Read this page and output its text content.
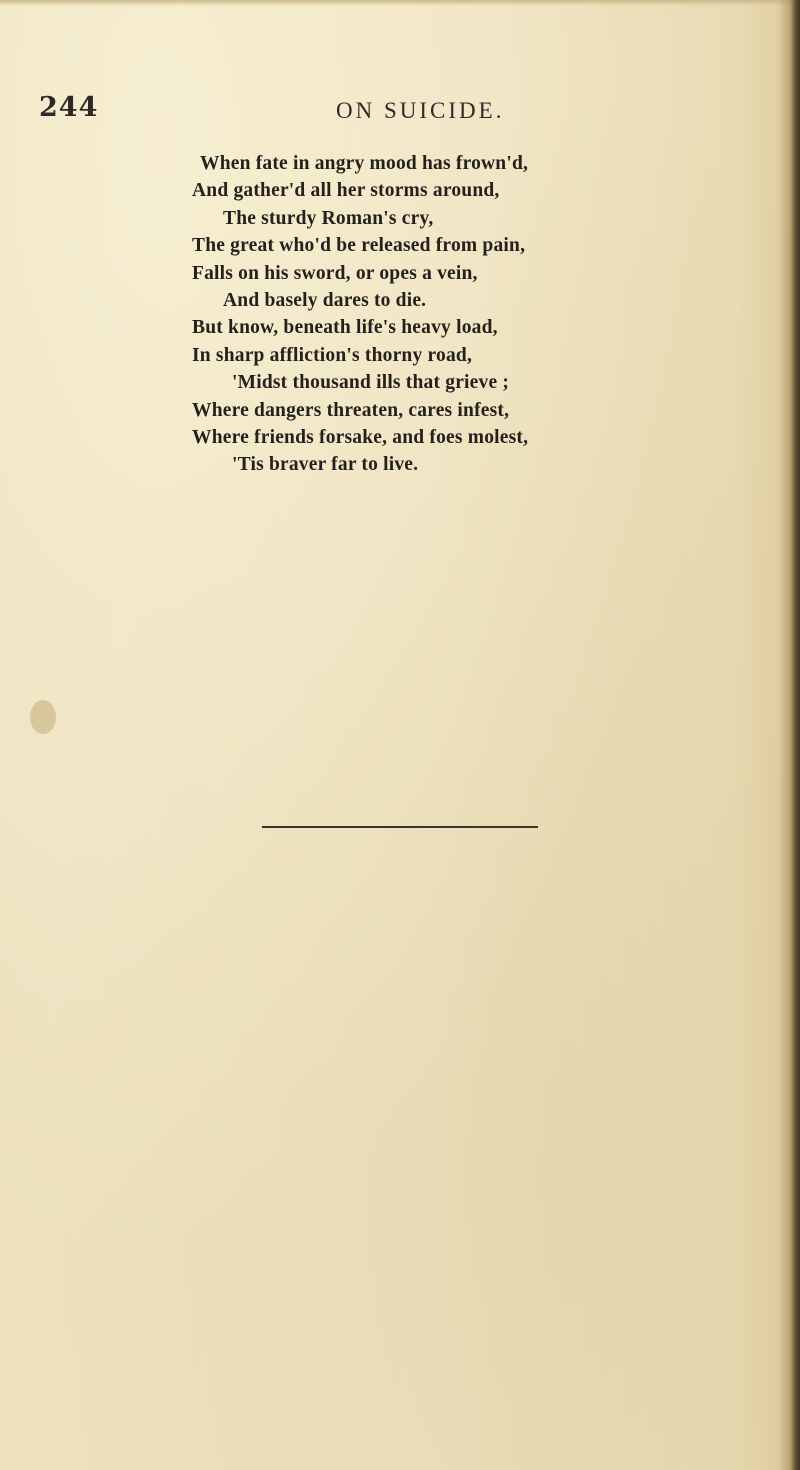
244	ON SUICIDE.
When fate in angry mood has frown'd,
And gather'd all her storms around,
The sturdy Roman's cry,
The great who'd be released from pain,
Falls on his sword, or opes a vein,
And basely dares to die.
But know, beneath life's heavy load,
In sharp affliction's thorny road,
'Midst thousand ills that grieve ;
Where dangers threaten, cares infest,
Where friends forsake, and foes molest,
'Tis braver far to live.
